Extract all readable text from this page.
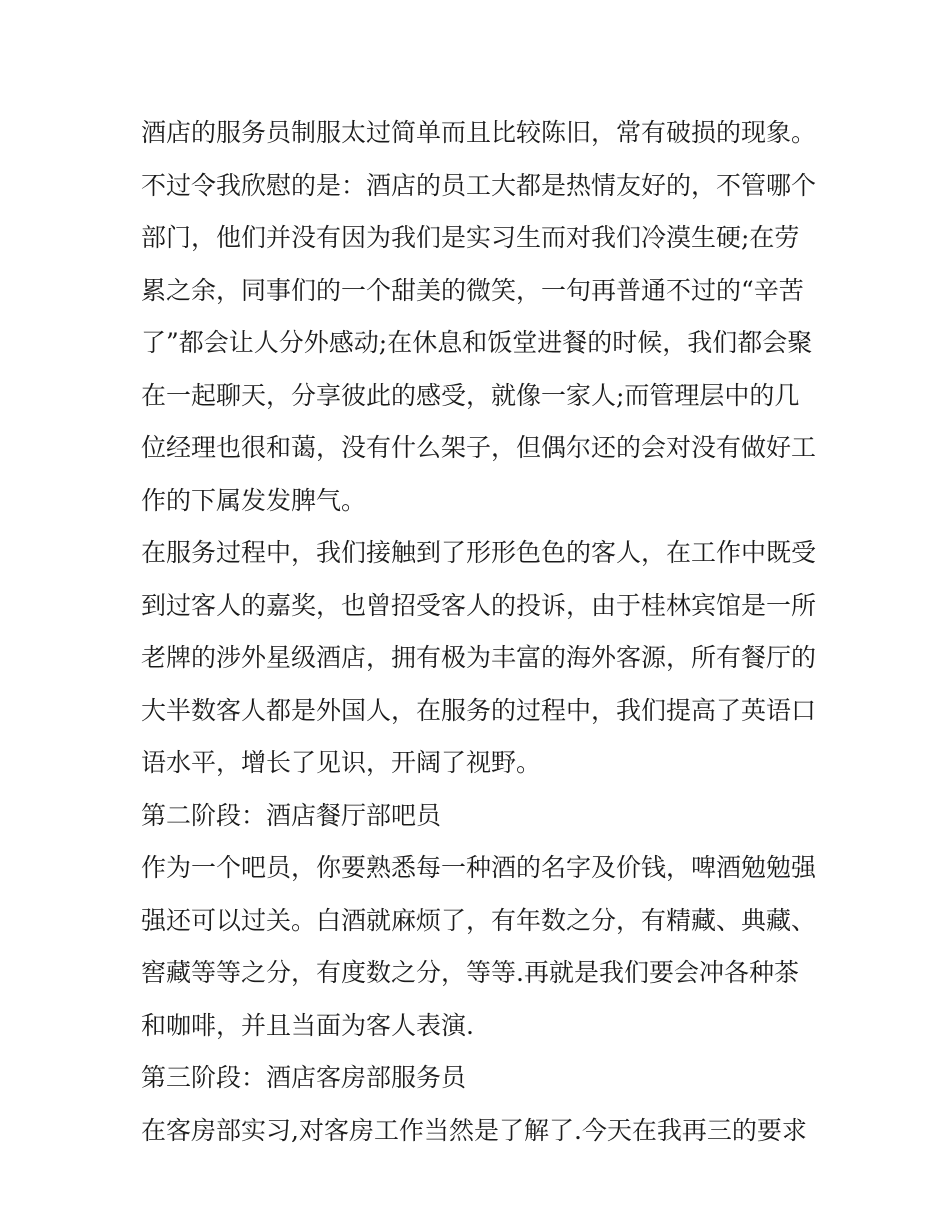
酒店的服务员制服太过简单而且比较陈旧，常有破损的现象。
不过令我欣慰的是：酒店的员工大都是热情友好的，不管哪个
部门，他们并没有因为我们是实习生而对我们冷漠生硬;在劳
累之余，同事们的一个甜美的微笑，一句再普通不过的“辛苦
了”都会让人分外感动;在休息和饭堂进餐的时候，我们都会聚
在一起聊天，分享彼此的感受，就像一家人;而管理层中的几
位经理也很和蔼，没有什么架子，但偶尔还的会对没有做好工
作的下属发发脾气。
在服务过程中，我们接触到了形形色色的客人，在工作中既受
到过客人的嘉奖，也曾招受客人的投诉，由于桂林宾馆是一所
老牌的涉外星级酒店，拥有极为丰富的海外客源，所有餐厅的
大半数客人都是外国人，在服务的过程中，我们提高了英语口
语水平，增长了见识，开阔了视野。
第二阶段：酒店餐厅部吧员
作为一个吧员，你要熟悉每一种酒的名字及价钱，啤酒勉勉强
强还可以过关。白酒就麻烦了，有年数之分，有精藏、典藏、
窖藏等等之分，有度数之分，等等.再就是我们要会冲各种茶
和咖啡，并且当面为客人表演.
第三阶段：酒店客房部服务员
在客房部实习,对客房工作当然是了解了.今天在我再三的要求
